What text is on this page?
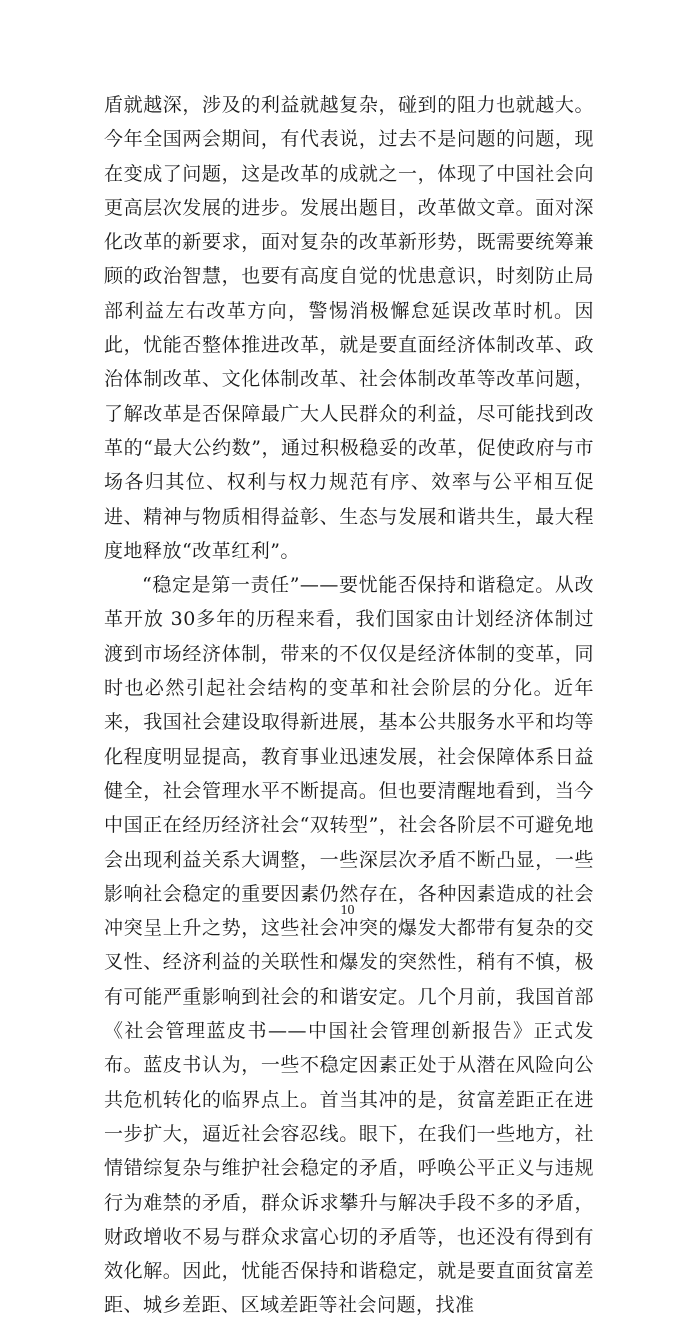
盾就越深，涉及的利益就越复杂，碰到的阻力也就越大。今年全国两会期间，有代表说，过去不是问题的问题，现在变成了问题，这是改革的成就之一，体现了中国社会向更高层次发展的进步。发展出题目，改革做文章。面对深化改革的新要求，面对复杂的改革新形势，既需要统筹兼顾的政治智慧，也要有高度自觉的忧患意识，时刻防止局部利益左右改革方向，警惕消极懈怠延误改革时机。因此，忧能否整体推进改革，就是要直面经济体制改革、政治体制改革、文化体制改革、社会体制改革等改革问题，了解改革是否保障最广大人民群众的利益，尽可能找到改革的“最大公约数”，通过积极稳妥的改革，促使政府与市场各归其位、权利与权力规范有序、效率与公平相互促进、精神与物质相得益彰、生态与发展和谐共生，最大程度地释放“改革红利”。

“稳定是第一责任”——要忧能否保持和谐稳定。从改革开放 30多年的历程来看，我们国家由计划经济体制过渡到市场经济体制，带来的不仅仅是经济体制的变革，同时也必然引起社会结构的变革和社会阶层的分化。近年来，我国社会建设取得新进展，基本公共服务水平和均等化程度明显提高，教育事业迅速发展，社会保障体系日益健全，社会管理水平不断提高。但也要清醒地看到，当今中国正在经历经济社会“双转型”，社会各阶层不可避免地会出现利益关系大调整，一些深层次矛盾不断凸显，一些影响社会稳定的重要因素仍然存在，各种因素造成的社会冲突呈上升之势，这些社会冲突的爆发大都带有复杂的交叉性、经济利益的关联性和爆发的突然性，稍有不慎，极有可能严重影响到社会的和谐安定。几个月前，我国首部《社会管理蓝皮书——中国社会管理创新报告》正式发布。蓝皮书认为，一些不稳定因素正处于从潜在风险向公共危机转化的临界点上。首当其冲的是，贫富差距正在进一步扩大，逼近社会容忍线。眼下，在我们一些地方，社情错综复杂与维护社会稳定的矛盾，呼唤公平正义与违规行为难禁的矛盾，群众诉求攀升与解决手段不多的矛盾，财政增收不易与群众求富心切的矛盾等，也还没有得到有效化解。因此，忧能否保持和谐稳定，就是要直面贫富差距、城乡差距、区域差距等社会问题，找准

10
